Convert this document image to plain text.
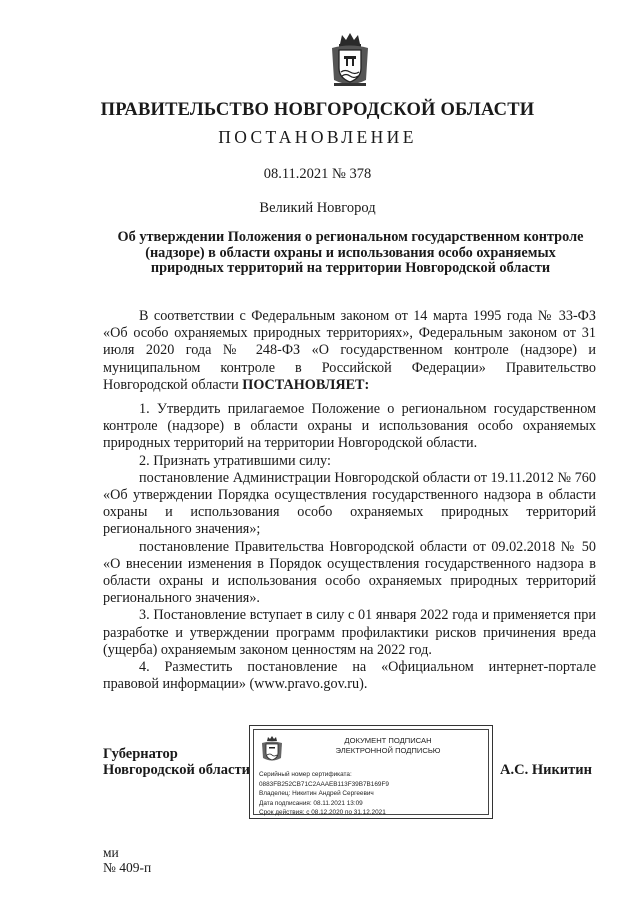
ПРАВИТЕЛЬСТВО НОВГОРОДСКОЙ ОБЛАСТИ
ПОСТАНОВЛЕНИЕ
08.11.2021 № 378
Великий Новгород
Об утверждении Положения о региональном государственном контроле (надзоре) в области охраны и использования особо охраняемых природных территорий на территории Новгородской области

В соответствии с Федеральным законом от 14 марта 1995 года № 33-ФЗ «Об особо охраняемых природных территориях», Федеральным законом от 31 июля 2020 года № 248-ФЗ «О государственном контроле (надзоре) и муниципальном контроле в Российской Федерации» Правительство Новгородской области ПОСТАНОВЛЯЕТ:

1. Утвердить прилагаемое Положение о региональном государственном контроле (надзоре) в области охраны и использования особо охраняемых природных территорий на территории Новгородской области.

2. Признать утратившими силу:

постановление Администрации Новгородской области от 19.11.2012 № 760 «Об утверждении Порядка осуществления государственного надзора в области охраны и использования особо охраняемых природных территорий регионального значения»;

постановление Правительства Новгородской области от 09.02.2018 № 50 «О внесении изменения в Порядок осуществления государственного надзора в области охраны и использования особо охраняемых природных территорий регионального значения».

3. Постановление вступает в силу с 01 января 2022 года и применяется при разработке и утверждении программ профилактики рисков причинения вреда (ущерба) охраняемым законом ценностям на 2022 год.

4. Разместить постановление на «Официальном интернет-портале правовой информации» (www.pravo.gov.ru).

Губернатор
Новгородской области
ДОКУМЕНТ ПОДПИСАН
ЭЛЕКТРОННОЙ ПОДПИСЬЮ
Серийный номер сертификата:
0883FB252CB71C2AAAEB113F39B7B169F9
Владелец: Никитин Андрей Сергеевич
Дата подписания: 08.11.2021 13:09
Срок действия: с 08.12.2020 по 31.12.2021
А.С. Никитин
ми
№ 409-п
